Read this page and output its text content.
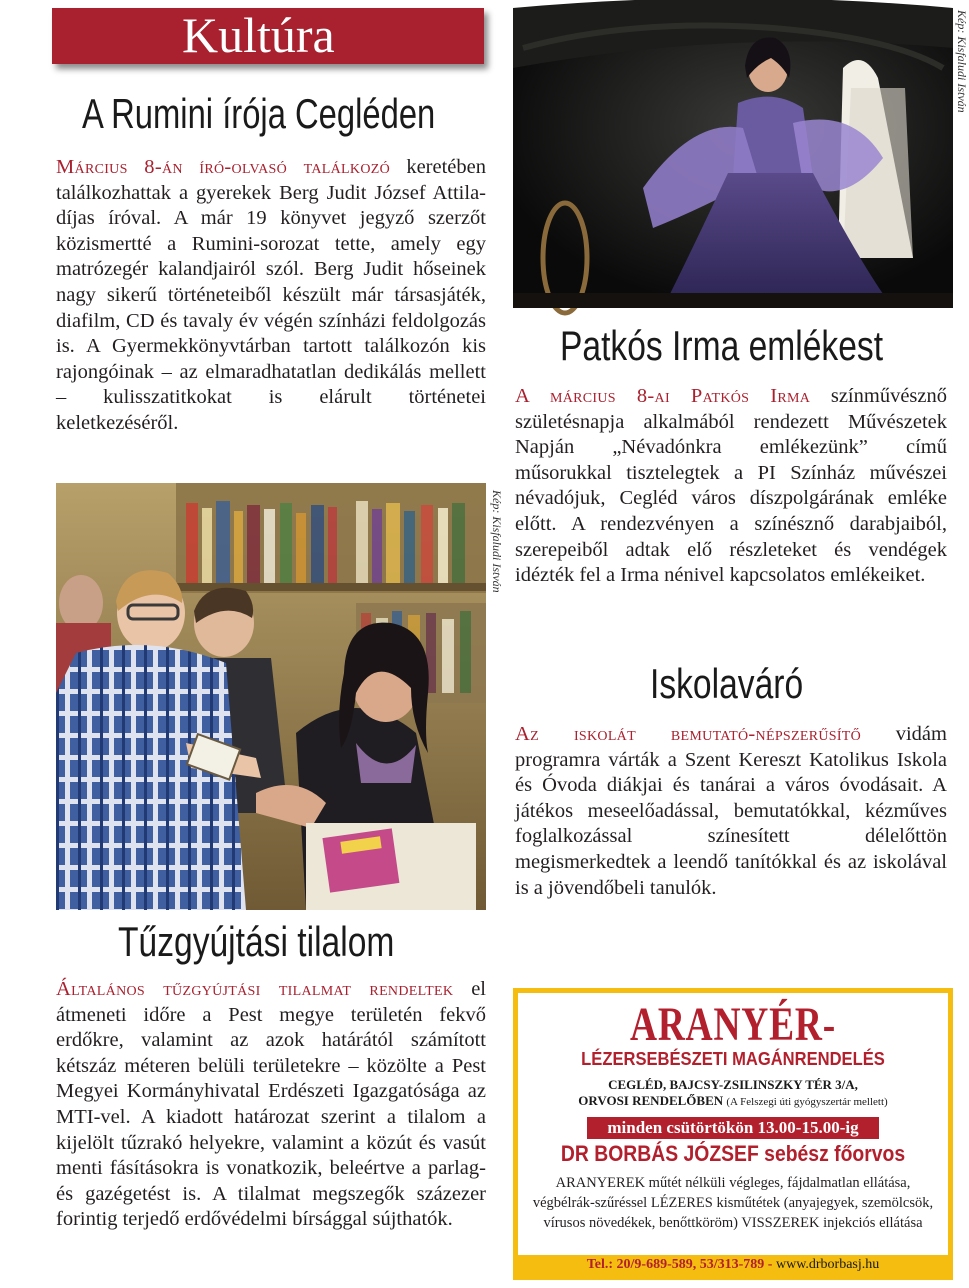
Kultúra
A Rumini írója Cegléden
Március 8-án író-olvasó találkozó keretében találkozhattak a gyerekek Berg Judit József Attila-díjas íróval. A már 19 könyvet jegyző szerzőt közismertté a Rumini-sorozat tette, amely egy matrózegér kalandjairól szól. Berg Judit hőseinek nagy sikerű történeteiből készült már társasjáték, diafilm, CD és tavaly év végén színházi feldolgozás is. A Gyermekkönyvtárban tartott találkozón kis rajongóinak – az elmaradhatatlan dedikálás mellett – kulisszatitkokat is elárult történetei keletkezéséről.
Kép: Kisfaludi István
Tűzgyújtási tilalom
Általános tűzgyújtási tilalmat rendeltek el átmeneti időre a Pest megye területén fekvő erdőkre, valamint az azok határától számított kétszáz méteren belüli területekre – közölte a Pest Megyei Kormányhivatal Erdészeti Igazgatósága az MTI-vel. A kiadott határozat szerint a tilalom a kijelölt tűzrakó helyekre, valamint a közút és vasút menti fásításokra is vonatkozik, beleértve a parlag- és gazégetést is. A tilalmat megszegők százezer forintig terjedő erdővédelmi bírsággal sújthatók.
Kép: Kisfaludi István
Patkós Irma emlékest
A március 8-ai Patkós Irma színművésznő születésnapja alkalmából rendezett Művészetek Napján „Névadónkra emlékezünk” című műsorukkal tisztelegtek a PI Színház művészei névadójuk, Cegléd város díszpolgárának emléke előtt. A rendezvényen a színésznő darabjaiból, szerepeiből adtak elő részleteket és vendégek idézték fel a Irma nénivel kapcsolatos emlékeiket.
Iskolaváró
Az iskolát bemutató-népszerűsítő vidám programra várták a Szent Kereszt Katolikus Iskola és Óvoda diákjai és tanárai a város óvodásait. A játékos meseelőadással, bemutatókkal, kézműves foglalkozással színesített délelőttön megismerkedtek a leendő tanítókkal és az iskolával is a jövendőbeli tanulók.
ARANYÉR-
LÉZERSEBÉSZETI MAGÁNRENDELÉS
CEGLÉD, BAJCSY-ZSILINSZKY TÉR 3/A,
ORVOSI RENDELŐBEN (A Felszegi úti gyógyszertár mellett)
minden csütörtökön 13.00-15.00-ig
DR BORBÁS JÓZSEF sebész főorvos
ARANYEREK műtét nélküli végleges, fájdalmatlan ellátása, végbélrák-szűréssel LÉZERES kisműtétek (anyajegyek, szemölcsök, vírusos növedékek, benőttköröm) VISSZEREK injekciós ellátása
Tel.: 20/9-689-589, 53/313-789 - www.drborbasj.hu
